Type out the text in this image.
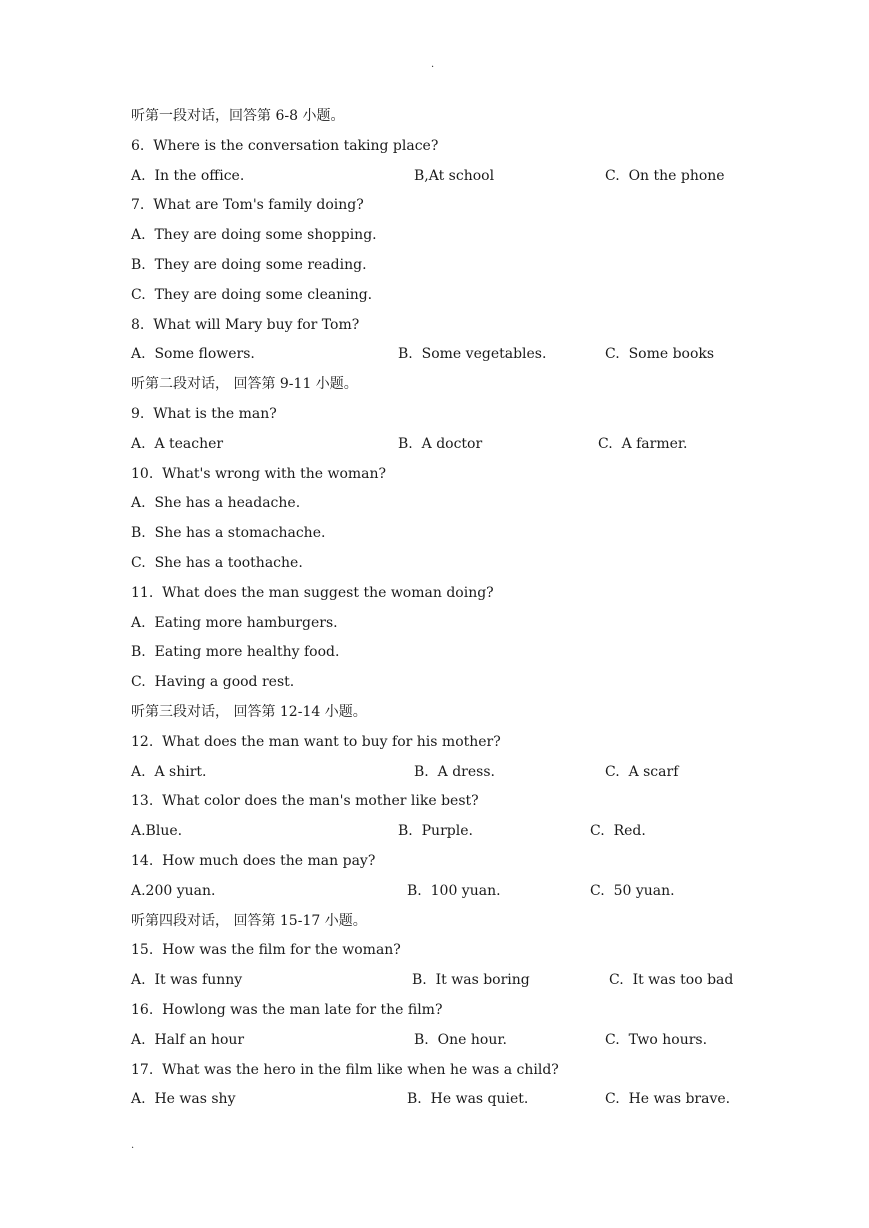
·
听第一段对话，回答第 6-8 小题。
6.  Where is the conversation taking place?
A.  In the office.	B,At school	C.  On the phone
7.  What are Tom's family doing?
A.  They are doing some shopping.
B.  They are doing some reading.
C.  They are doing some cleaning.
8.  What will Mary buy for Tom?
A.  Some flowers.	B.  Some vegetables.	C.  Some books
听第二段对话， 回答第 9-11 小题。
9.  What is the man?
A.  A teacher	B.  A doctor	C.  A farmer.
10.  What's wrong with the woman?
A.  She has a headache.
B.  She has a stomachache.
C.  She has a toothache.
11.  What does the man suggest the woman doing?
A.  Eating more hamburgers.
B.  Eating more healthy food.
C.  Having a good rest.
听第三段对话， 回答第 12-14 小题。
12.  What does the man want to buy for his mother?
A.  A shirt.	B.  A dress.	C.  A scarf
13.  What color does the man's mother like best?
A.Blue.	B.  Purple.	C.  Red.
14.  How much does the man pay?
A.200 yuan.	B.  100 yuan.	C.  50 yuan.
听第四段对话， 回答第 15-17 小题。
15.  How was the film for the woman?
A.  It was funny	B.  It was boring	C.  It was too bad
16.  Howlong was the man late for the film?
A.  Half an hour	B.  One hour.	C.  Two hours.
17.  What was the hero in the film like when he was a child?
A.  He was shy	B.  He was quiet.	C.  He was brave.
.
